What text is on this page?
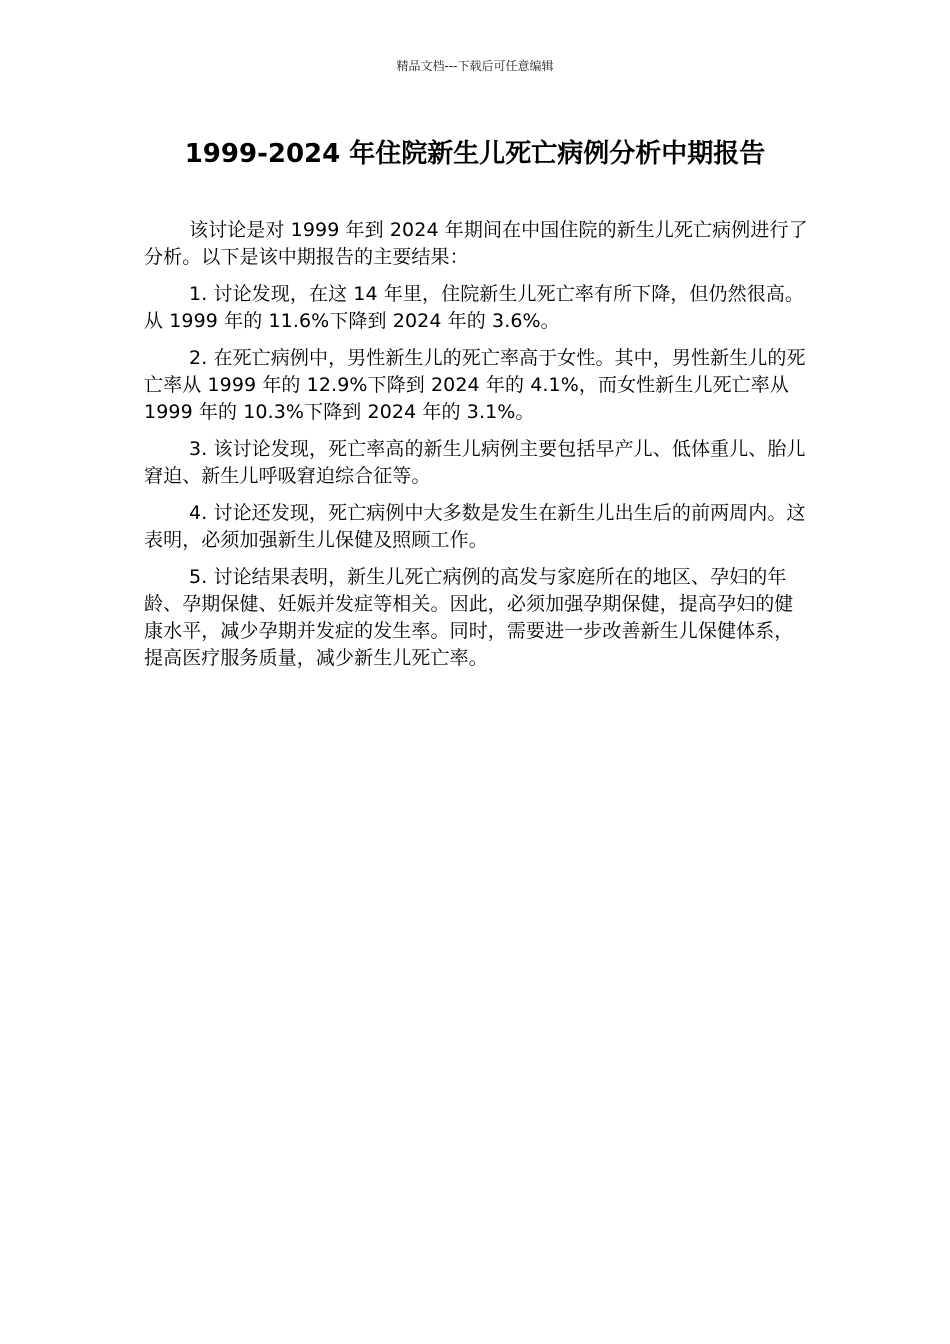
精品文档---下载后可任意编辑
1999-2024 年住院新生儿死亡病例分析中期报告

该讨论是对 1999 年到 2024 年期间在中国住院的新生儿死亡病例进行了分析。以下是该中期报告的主要结果：

1. 讨论发现，在这 14 年里，住院新生儿死亡率有所下降，但仍然很高。从 1999 年的 11.6%下降到 2024 年的 3.6%。

2. 在死亡病例中，男性新生儿的死亡率高于女性。其中，男性新生儿的死亡率从 1999 年的 12.9%下降到 2024 年的 4.1%，而女性新生儿死亡率从 1999 年的 10.3%下降到 2024 年的 3.1%。

3. 该讨论发现，死亡率高的新生儿病例主要包括早产儿、低体重儿、胎儿窘迫、新生儿呼吸窘迫综合征等。

4. 讨论还发现，死亡病例中大多数是发生在新生儿出生后的前两周内。这表明，必须加强新生儿保健及照顾工作。

5. 讨论结果表明，新生儿死亡病例的高发与家庭所在的地区、孕妇的年龄、孕期保健、妊娠并发症等相关。因此，必须加强孕期保健，提高孕妇的健康水平，减少孕期并发症的发生率。同时，需要进一步改善新生儿保健体系，提高医疗服务质量，减少新生儿死亡率。
